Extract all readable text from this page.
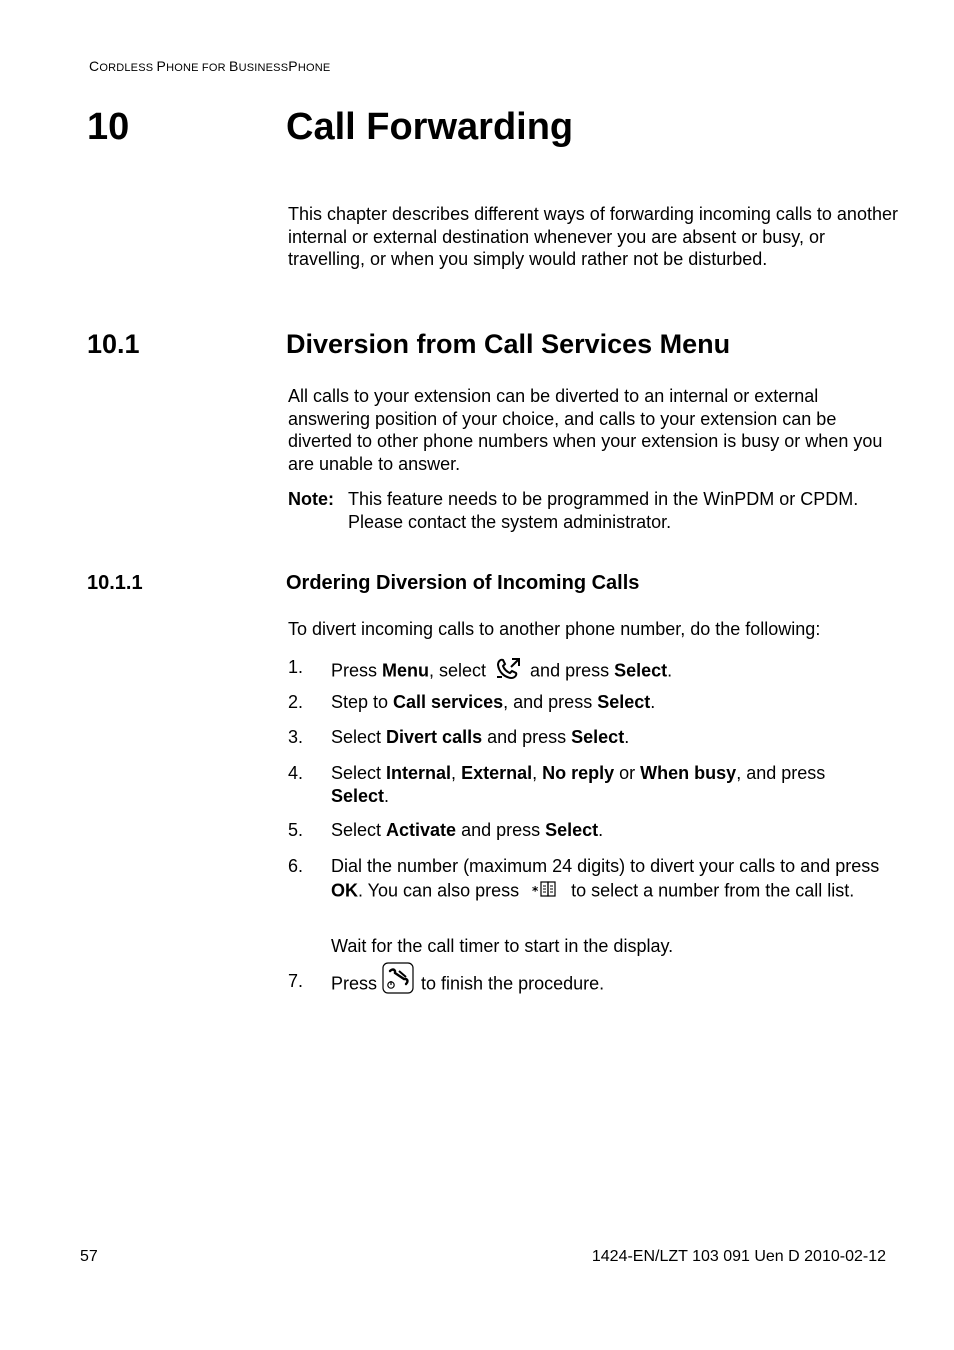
CORDLESS PHONE FOR BUSINESSPHONE
10	Call Forwarding
This chapter describes different ways of forwarding incoming calls to another internal or external destination whenever you are absent or busy, or travelling, or when you simply would rather not be disturbed.
10.1	Diversion from Call Services Menu
All calls to your extension can be diverted to an internal or external answering position of your choice, and calls to your extension can be diverted to other phone numbers when your extension is busy or when you are unable to answer.
Note: This feature needs to be programmed in the WinPDM or CPDM. Please contact the system administrator.
10.1.1	Ordering Diversion of Incoming Calls
To divert incoming calls to another phone number, do the following:
1.	Press Menu, select  and press Select.
2.	Step to Call services, and press Select.
3.	Select Divert calls and press Select.
4.	Select Internal, External, No reply or When busy, and press
Select.
5.	Select Activate and press Select.
6.	Dial the number (maximum 24 digits) to divert your calls to and press OK. You can also press * to select a number from the call list.
Wait for the call timer to start in the display.
7.	Press  to finish the procedure.
57	1424-EN/LZT 103 091 Uen D 2010-02-12
